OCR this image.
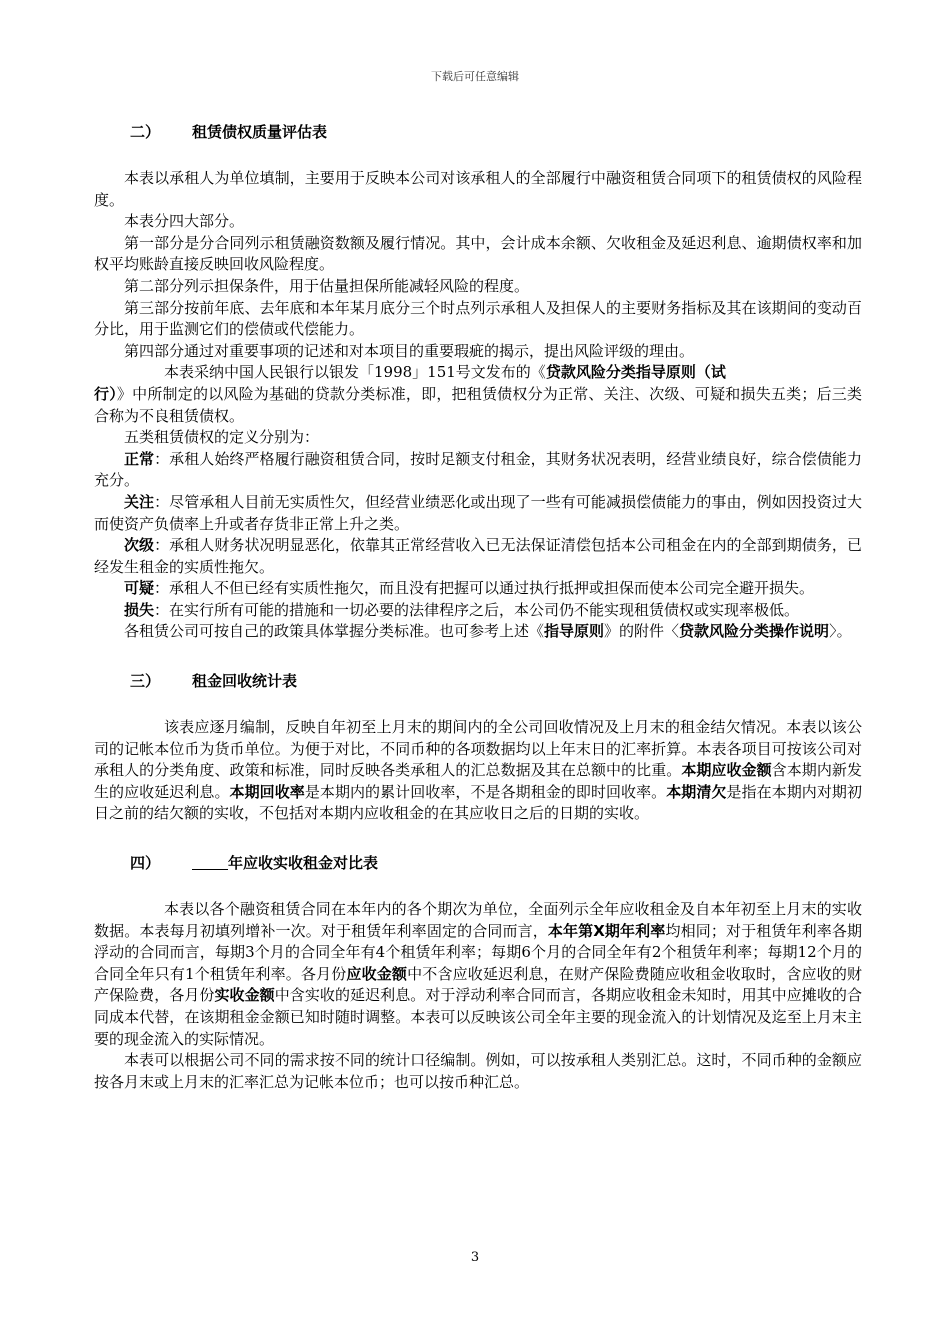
下载后可任意编辑
二） 租赁债权质量评估表

本表以承租人为单位填制，主要用于反映本公司对该承租人的全部履行中融资租赁合同项下的租赁债权的风险程度。

本表分四大部分。

第一部分是分合同列示租赁融资数额及履行情况。其中，会计成本余额、欠收租金及延迟利息、逾期债权率和加权平均账龄直接反映回收风险程度。

第二部分列示担保条件，用于估量担保所能减轻风险的程度。

第三部分按前年底、去年底和本年某月底分三个时点列示承租人及担保人的主要财务指标及其在该期间的变动百分比，用于监测它们的偿债或代偿能力。

第四部分通过对重要事项的记述和对本项目的重要瑕疵的揭示，提出风险评级的理由。

本表采纳中国人民银行以银发「1998」151号文发布的《贷款风险分类指导原则（试

行）》中所制定的以风险为基础的贷款分类标准，即，把租赁债权分为正常、关注、次级、可疑和损失五类；后三类合称为不良租赁债权。

五类租赁债权的定义分别为：

正常：承租人始终严格履行融资租赁合同，按时足额支付租金，其财务状况表明，经营业绩良好，综合偿债能力充分。

关注：尽管承租人目前无实质性欠，但经营业绩恶化或出现了一些有可能减损偿债能力的事由，例如因投资过大而使资产负债率上升或者存货非正常上升之类。

次级：承租人财务状况明显恶化，依靠其正常经营收入已无法保证清偿包括本公司租金在内的全部到期债务，已经发生租金的实质性拖欠。

可疑：承租人不但已经有实质性拖欠，而且没有把握可以通过执行抵押或担保而使本公司完全避开损失。

损失：在实行所有可能的措施和一切必要的法律程序之后，本公司仍不能实现租赁债权或实现率极低。

各租赁公司可按自己的政策具体掌握分类标准。也可参考上述《指导原则》的附件〈贷款风险分类操作说明〉。

三） 租金回收统计表

该表应逐月编制，反映自年初至上月末的期间内的全公司回收情况及上月末的租金结欠情况。本表以该公司的记帐本位币为货币单位。为便于对比，不同币种的各项数据均以上年末日的汇率折算。本表各项目可按该公司对承租人的分类角度、政策和标准，同时反映各类承租人的汇总数据及其在总额中的比重。本期应收金额含本期内新发生的应收延迟利息。本期回收率是本期内的累计回收率，不是各期租金的即时回收率。本期清欠是指在本期内对期初日之前的结欠额的实收，不包括对本期内应收租金的在其应收日之后的日期的实收。

四）	年应收实收租金对比表

本表以各个融资租赁合同在本年内的各个期次为单位，全面列示全年应收租金及自本年初至上月末的实收数据。本表每月初填列增补一次。对于租赁年利率固定的合同而言，本年第X期年利率均相同；对于租赁年利率各期浮动的合同而言，每期3个月的合同全年有4个租赁年利率；每期6个月的合同全年有2个租赁年利率；每期12个月的合同全年只有1个租赁年利率。各月份应收金额中不含应收延迟利息，在财产保险费随应收租金收取时，含应收的财产保险费，各月份实收金额中含实收的延迟利息。对于浮动利率合同而言，各期应收租金未知时，用其中应摊收的合同成本代替，在该期租金金额已知时随时调整。本表可以反映该公司全年主要的现金流入的计划情况及迄至上月末主要的现金流入的实际情况。

本表可以根据公司不同的需求按不同的统计口径编制。例如，可以按承租人类别汇总。这时，不同币种的金额应按各月末或上月末的汇率汇总为记帐本位币；也可以按币种汇总。

3
